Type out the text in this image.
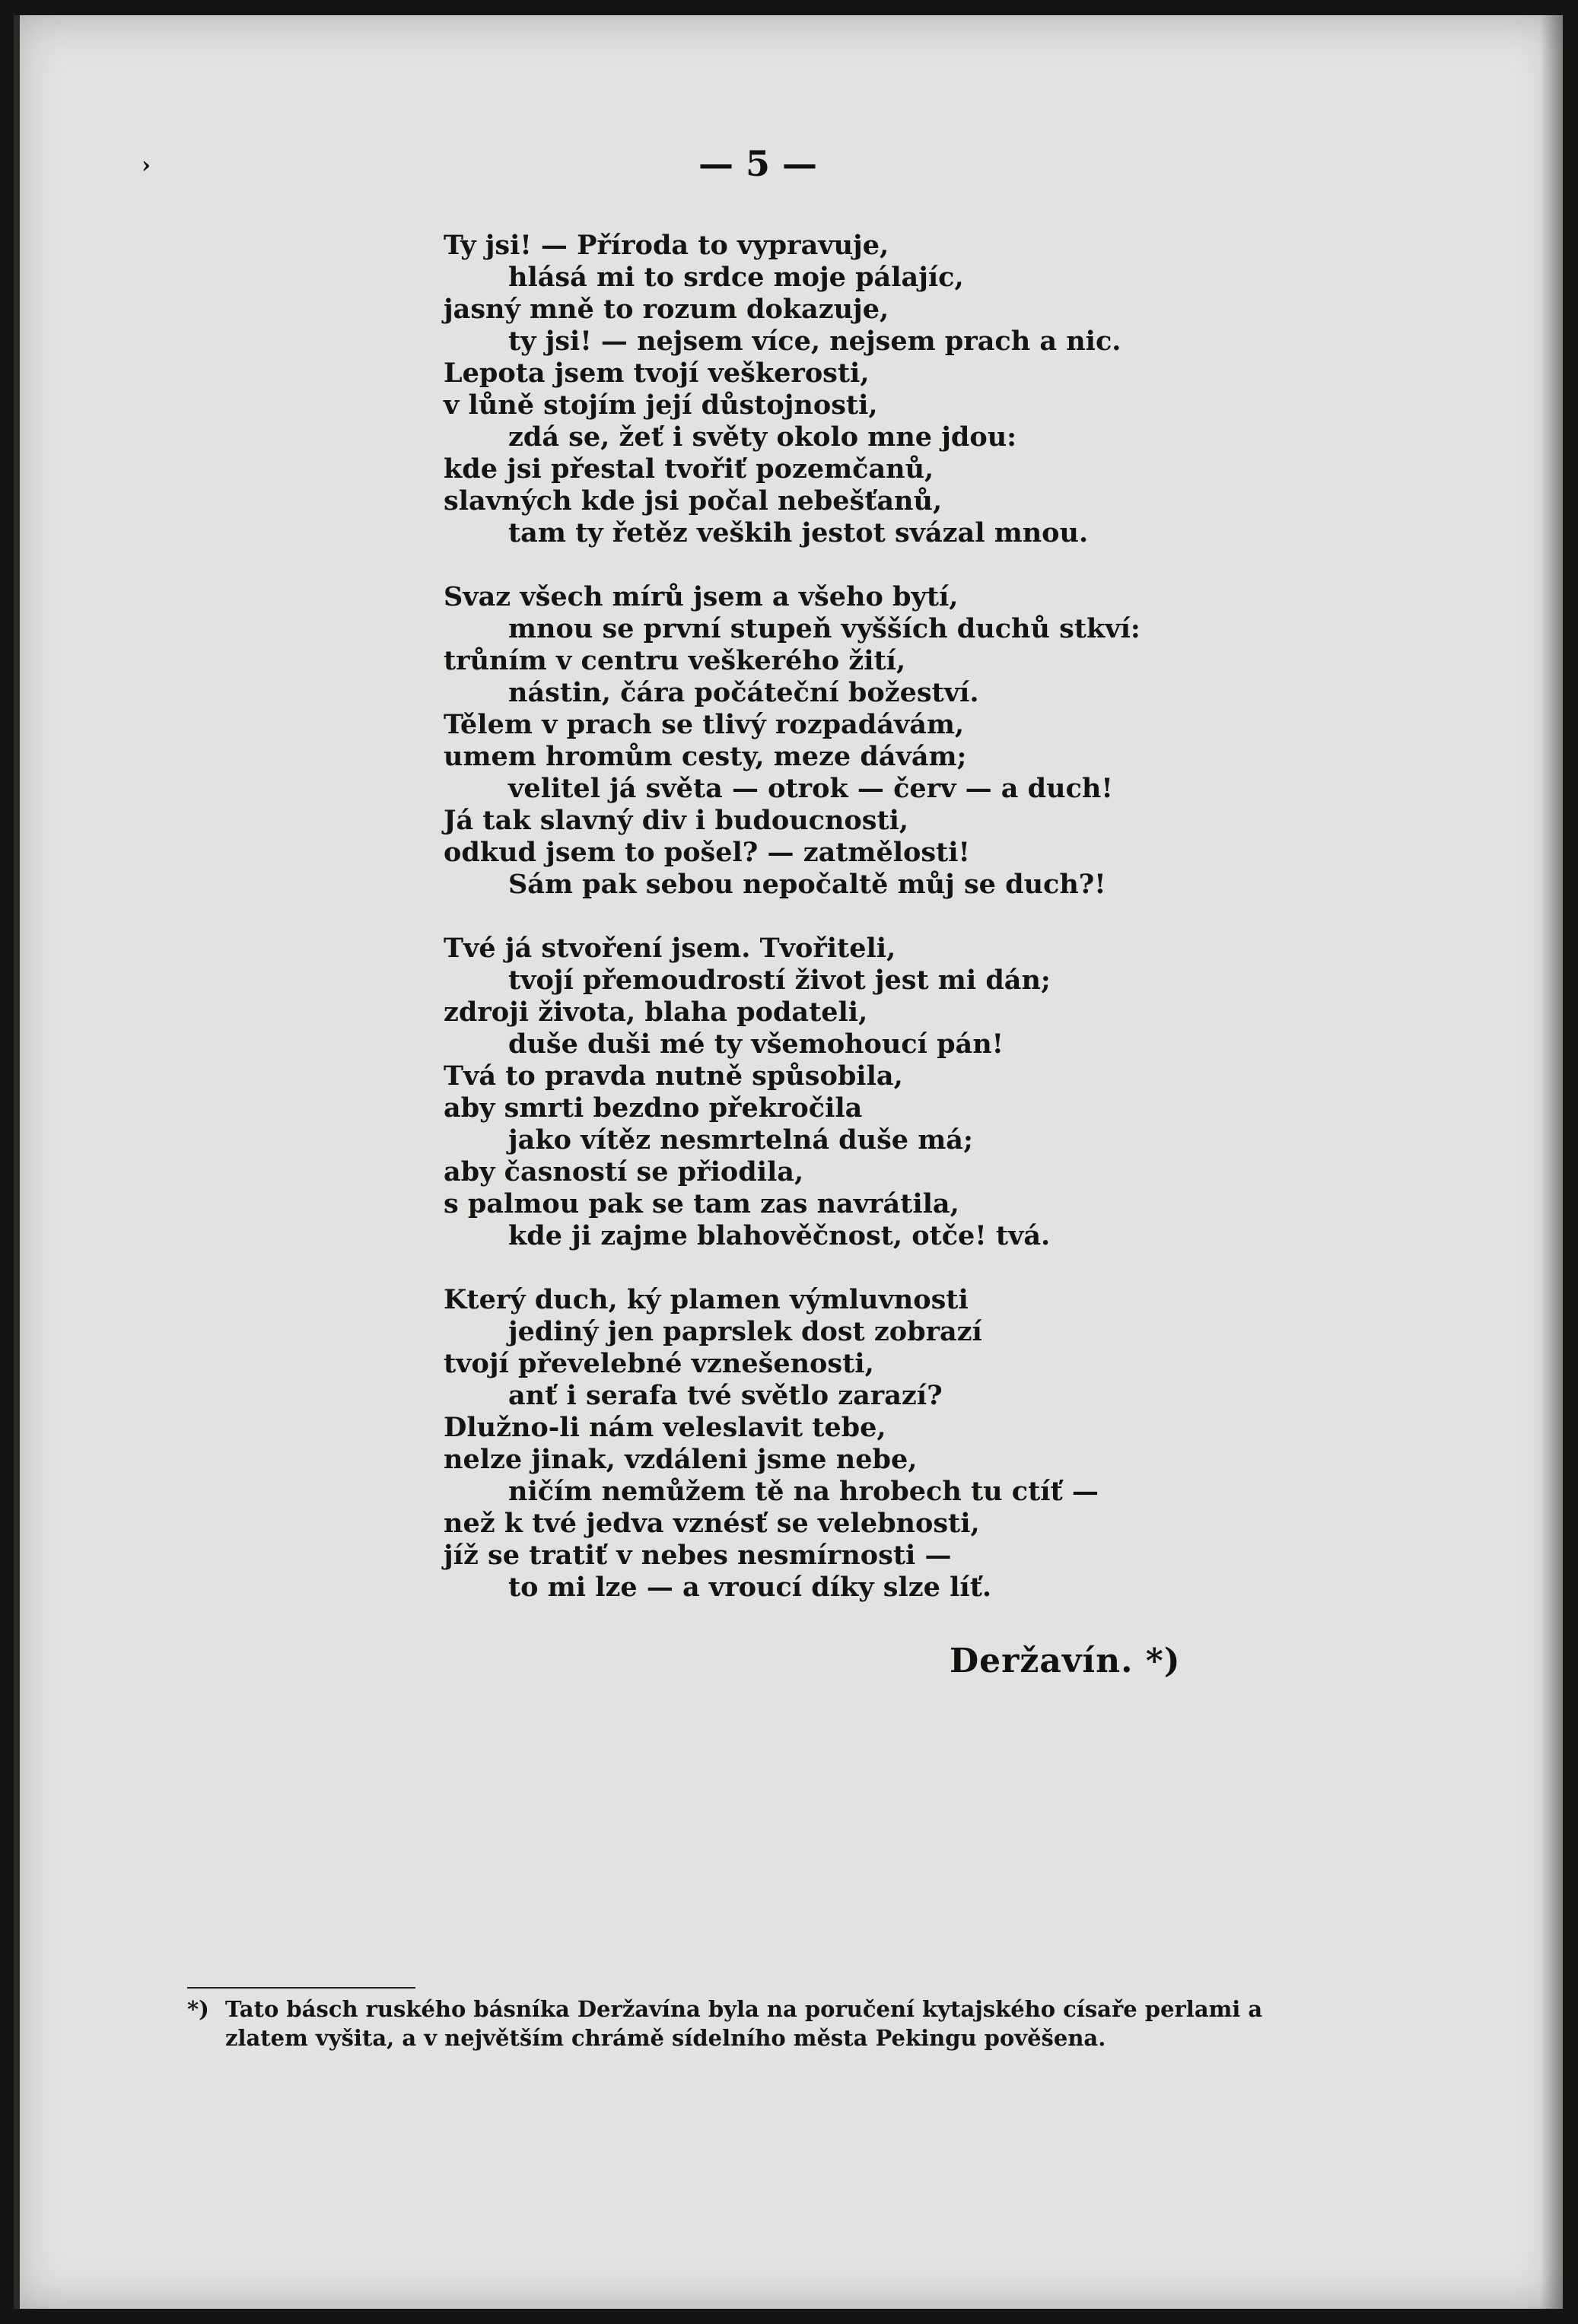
›	— 5 —
Ty jsi! — Příroda to vypravuje,
hlásá mi to srdce moje pálajíc,
jasný mně to rozum dokazuje,
ty jsi! — nejsem více, nejsem prach a nic.
Lepota jsem tvojí veškerosti,
v lůně stojím její důstojnosti,
zdá se, žeť i světy okolo mne jdou:
kde jsi přestal tvořiť pozemčanů,
slavných kde jsi počal nebešťanů,
tam ty řetěz veških jestot svázal mnou.
Svaz všech mírů jsem a všeho bytí,
mnou se první stupeň vyšších duchů stkví:
trůním v centru veškerého žití,
nástin, čára počáteční božeství.
Tělem v prach se tlivý rozpadávám,
umem hromům cesty, meze dávám;
velitel já světa — otrok — červ — a duch!
Já tak slavný div i budoucnosti,
odkud jsem to pošel? — zatmělosti!
Sám pak sebou nepočaltě můj se duch?!
Tvé já stvoření jsem. Tvořiteli,
tvojí přemoudrostí život jest mi dán;
zdroji života, blaha podateli,
duše duši mé ty všemohoucí pán!
Tvá to pravda nutně spůsobila,
aby smrti bezdno překročila
jako vítěz nesmrtelná duše má;
aby časností se přiodila,
s palmou pak se tam zas navrátila,
kde ji zajme blahověčnost, otče! tvá.
Který duch, ký plamen výmluvnosti
jediný jen paprslek dost zobrazí
tvojí převelebné vznešenosti,
anť i serafa tvé světlo zarazí?
Dlužno-li nám veleslavit tebe,
nelze jinak, vzdáleni jsme nebe,
ničím nemůžem tě na hrobech tu ctíť —
než k tvé jedva vznésť se velebnosti,
jíž se tratiť v nebes nesmírnosti —
to mi lze — a vroucí díky slze líť.
Deržavín. *)
*) Tato básch ruského básníka Deržavína byla na poručení kytajského císaře perlami a
zlatem vyšita, a v největším chrámě sídelního města Pekingu pověšena.
